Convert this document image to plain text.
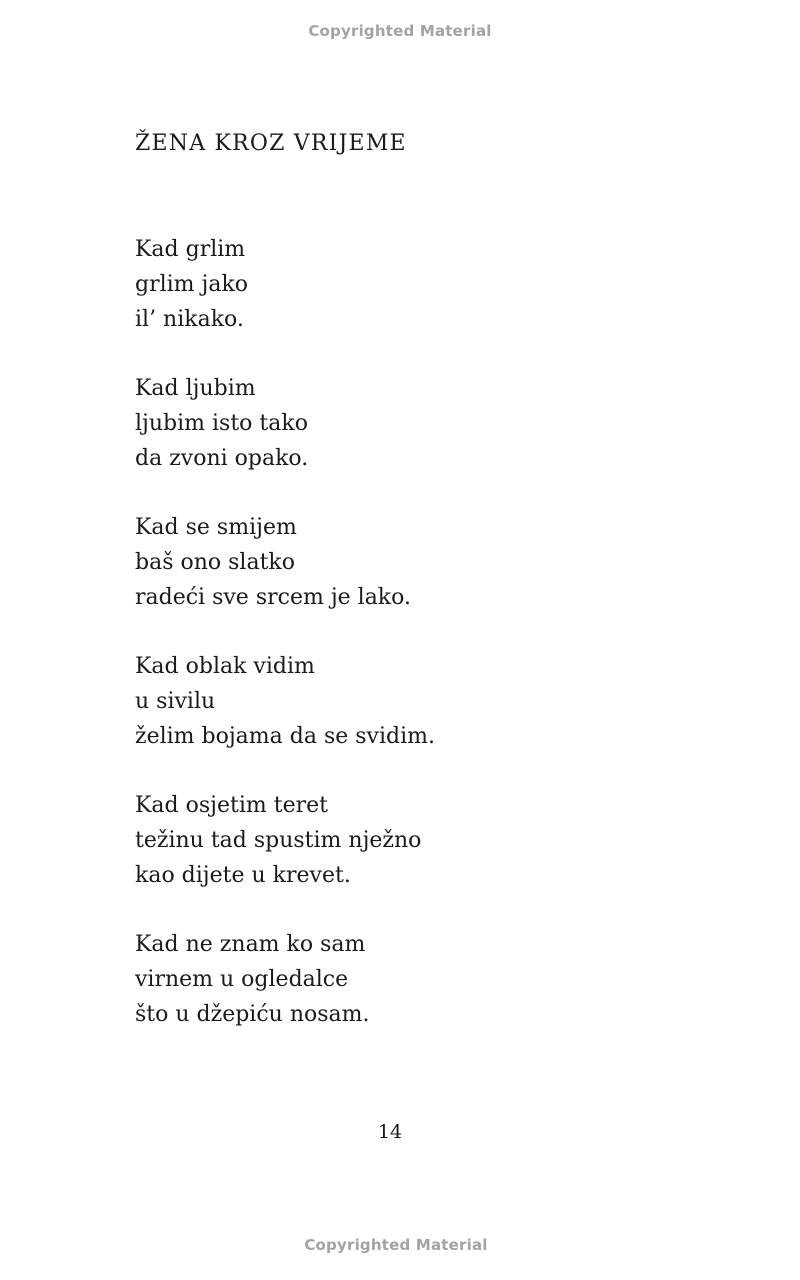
Copyrighted Material
ŽENA KROZ VRIJEME
Kad grlim
grlim jako
il’ nikako.
Kad ljubim
ljubim isto tako
da zvoni opako.
Kad se smijem
baš ono slatko
radeći sve srcem je lako.
Kad oblak vidim
u sivilu
želim bojama da se svidim.
Kad osjetim teret
težinu tad spustim nježno
kao dijete u krevet.
Kad ne znam ko sam
virnem u ogledalce
što u džepiću nosam.
14
Copyrighted Material
